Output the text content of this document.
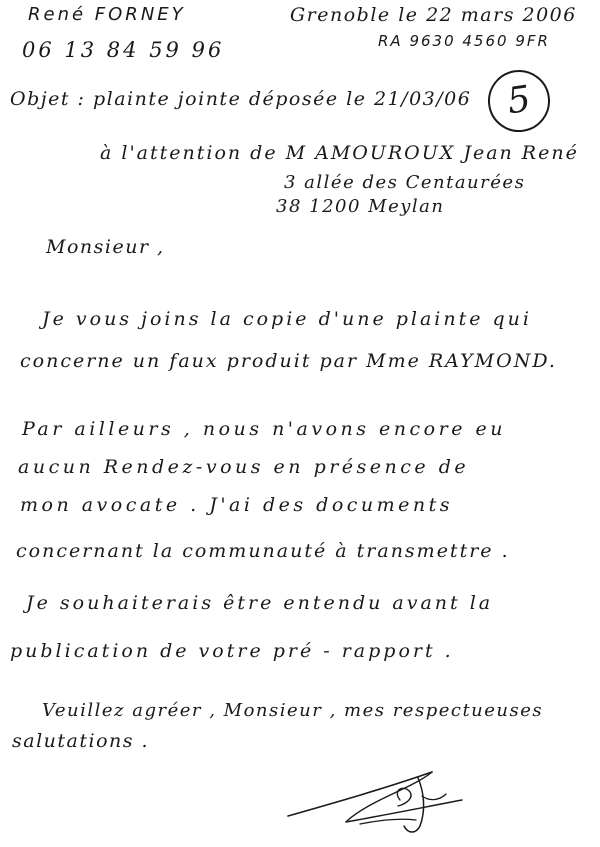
René FORNEY
06 13 84 59 96
Grenoble le 22 mars 2006
RA 9630 4560 9FR
5
Objet : plainte jointe déposée le 21/03/06
à l'attention de M AMOUROUX Jean René
3 allée des Centaurées
38 1200 Meylan
Monsieur ,
Je vous joins la copie d'une plainte qui
concerne un faux produit par Mme RAYMOND.
Par ailleurs , nous n'avons encore eu
aucun Rendez-vous en présence de
mon avocate . J'ai des documents
concernant la communauté à transmettre .
Je souhaiterais être entendu avant la
publication de votre pré - rapport .
Veuillez agréer , Monsieur , mes respectueuses
salutations .
